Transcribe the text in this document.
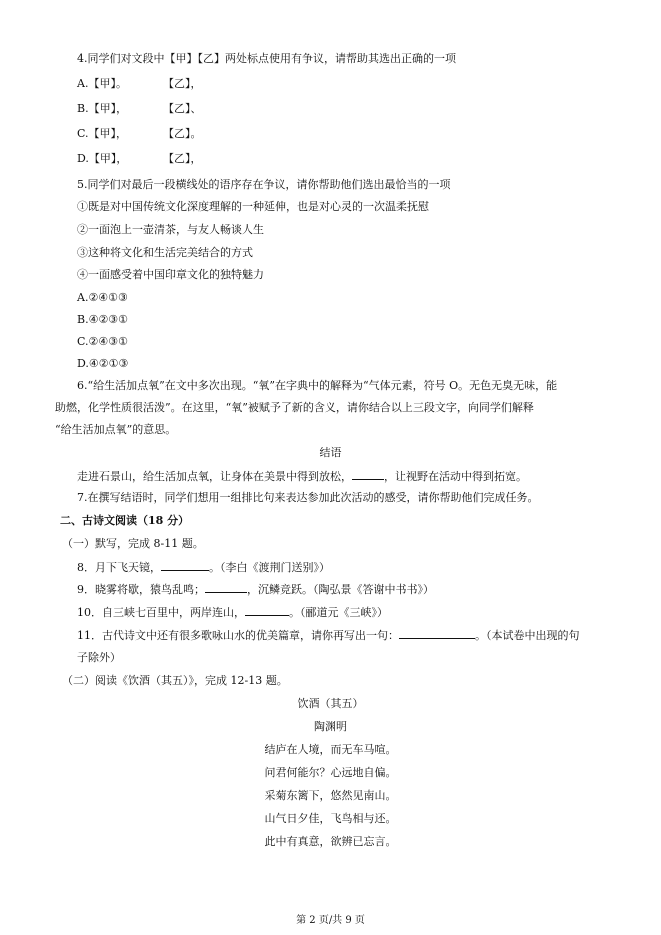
4.同学们对文段中【甲】【乙】两处标点使用有争议，请帮助其选出正确的一项
A.【甲】。	【乙】，
B.【甲】，	【乙】、
C.【甲】，	【乙】。
D.【甲】，	【乙】，
5.同学们对最后一段横线处的语序存在争议，请你帮助他们选出最恰当的一项
①既是对中国传统文化深度理解的一种延伸，也是对心灵的一次温柔抚慰
②一面泡上一壶清茶，与友人畅谈人生
③这种将文化和生活完美结合的方式
④一面感受着中国印章文化的独特魅力
A.②④①③
B.④②③①
C.②④③①
D.④②①③
6.“给生活加点氧”在文中多次出现。“氧”在字典中的解释为“气体元素，符号 O。无色无臭无味，能
助燃，化学性质很活泼”。在这里，“氧”被赋予了新的含义，请你结合以上三段文字，向同学们解释
“给生活加点氧”的意思。
结语
走进石景山，给生活加点氧，让身体在美景中得到放松，	，让视野在活动中得到拓宽。
7.在撰写结语时，同学们想用一组排比句来表达参加此次活动的感受，请你帮助他们完成任务。
二、古诗文阅读（18 分）
（一）默写，完成 8-11 题。
8．月下飞天镜，	。（李白《渡荆门送别》）
9．晓雾将歇，猿鸟乱鸣；	，沉鳞竞跃。（陶弘景《答谢中书书》）
10．自三峡七百里中，两岸连山，	。（郦道元《三峡》）
11．古代诗文中还有很多歌咏山水的优美篇章，请你再写出一句：	。（本试卷中出现的句
子除外）
（二）阅读《饮酒（其五）》，完成 12-13 题。
饮酒（其五）
陶渊明
结庐在人境，而无车马喧。
问君何能尔？心远地自偏。
采菊东篱下，悠然见南山。
山气日夕佳，飞鸟相与还。
此中有真意，欲辨已忘言。
第 2 页/共 9 页
